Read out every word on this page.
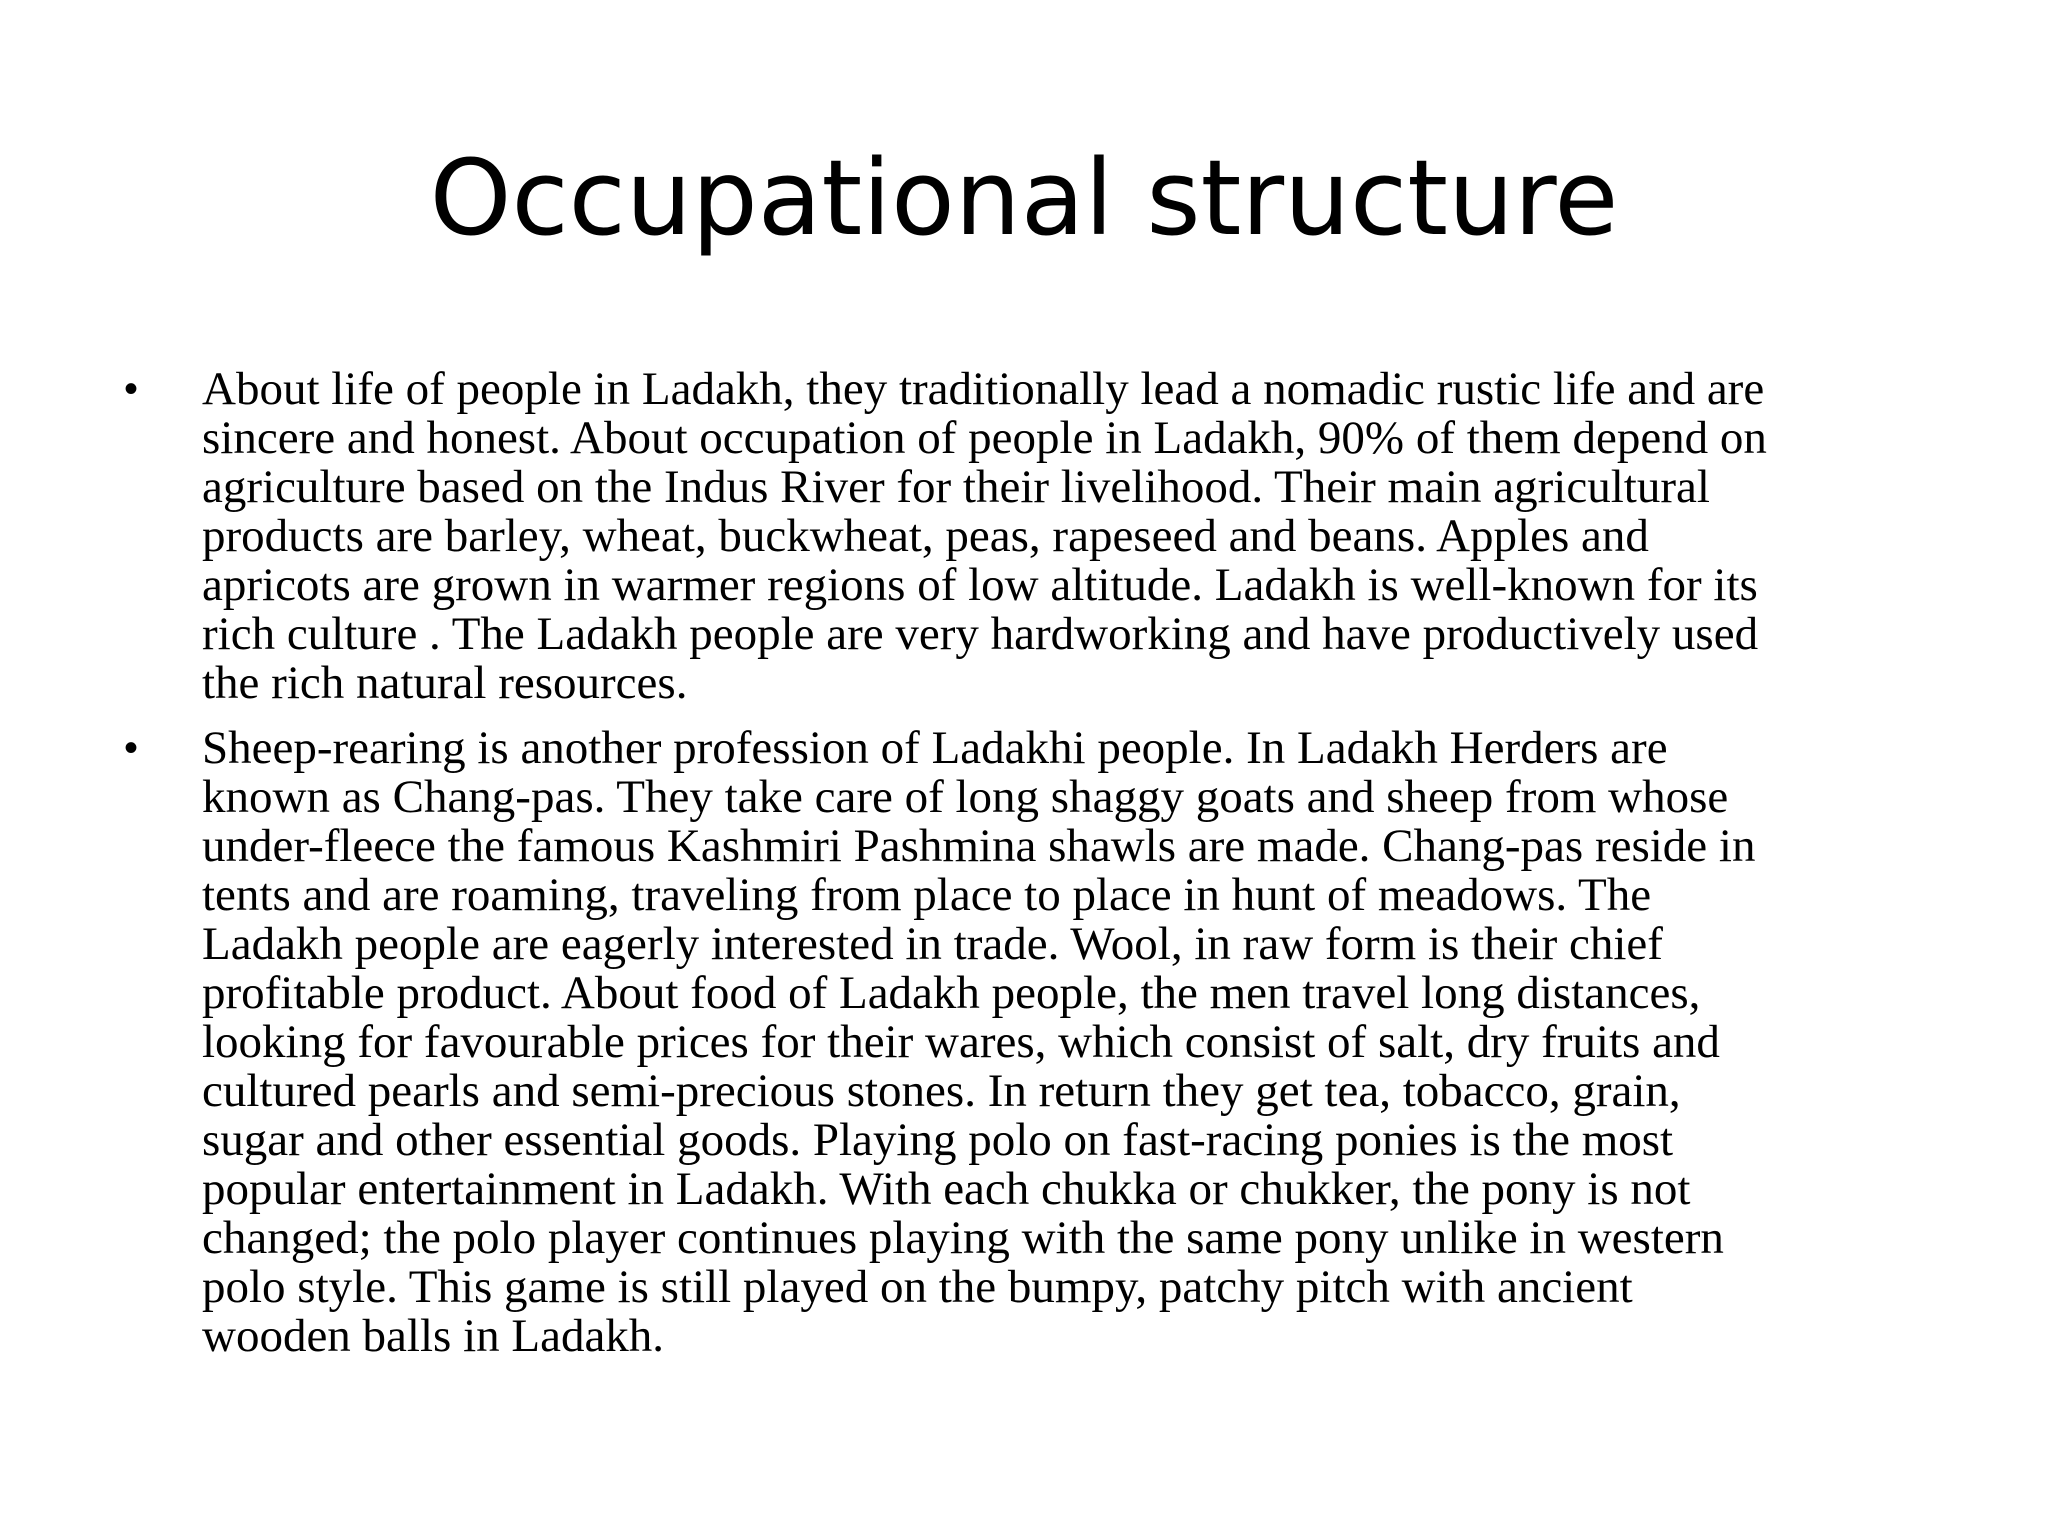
Occupational structure
• About life of people in Ladakh, they traditionally lead a nomadic rustic life and are
sincere and honest. About occupation of people in Ladakh, 90% of them depend on
agriculture based on the Indus River for their livelihood. Their main agricultural
products are barley, wheat, buckwheat, peas, rapeseed and beans. Apples and
apricots are grown in warmer regions of low altitude. Ladakh is well-known for its
rich culture . The Ladakh people are very hardworking and have productively used
the rich natural resources.
• Sheep-rearing is another profession of Ladakhi people. In Ladakh Herders are
known as Chang-pas. They take care of long shaggy goats and sheep from whose
under-fleece the famous Kashmiri Pashmina shawls are made. Chang-pas reside in
tents and are roaming, traveling from place to place in hunt of meadows. The
Ladakh people are eagerly interested in trade. Wool, in raw form is their chief
profitable product. About food of Ladakh people, the men travel long distances,
looking for favourable prices for their wares, which consist of salt, dry fruits and
cultured pearls and semi-precious stones. In return they get tea, tobacco, grain,
sugar and other essential goods. Playing polo on fast-racing ponies is the most
popular entertainment in Ladakh. With each chukka or chukker, the pony is not
changed; the polo player continues playing with the same pony unlike in western
polo style. This game is still played on the bumpy, patchy pitch with ancient
wooden balls in Ladakh.
